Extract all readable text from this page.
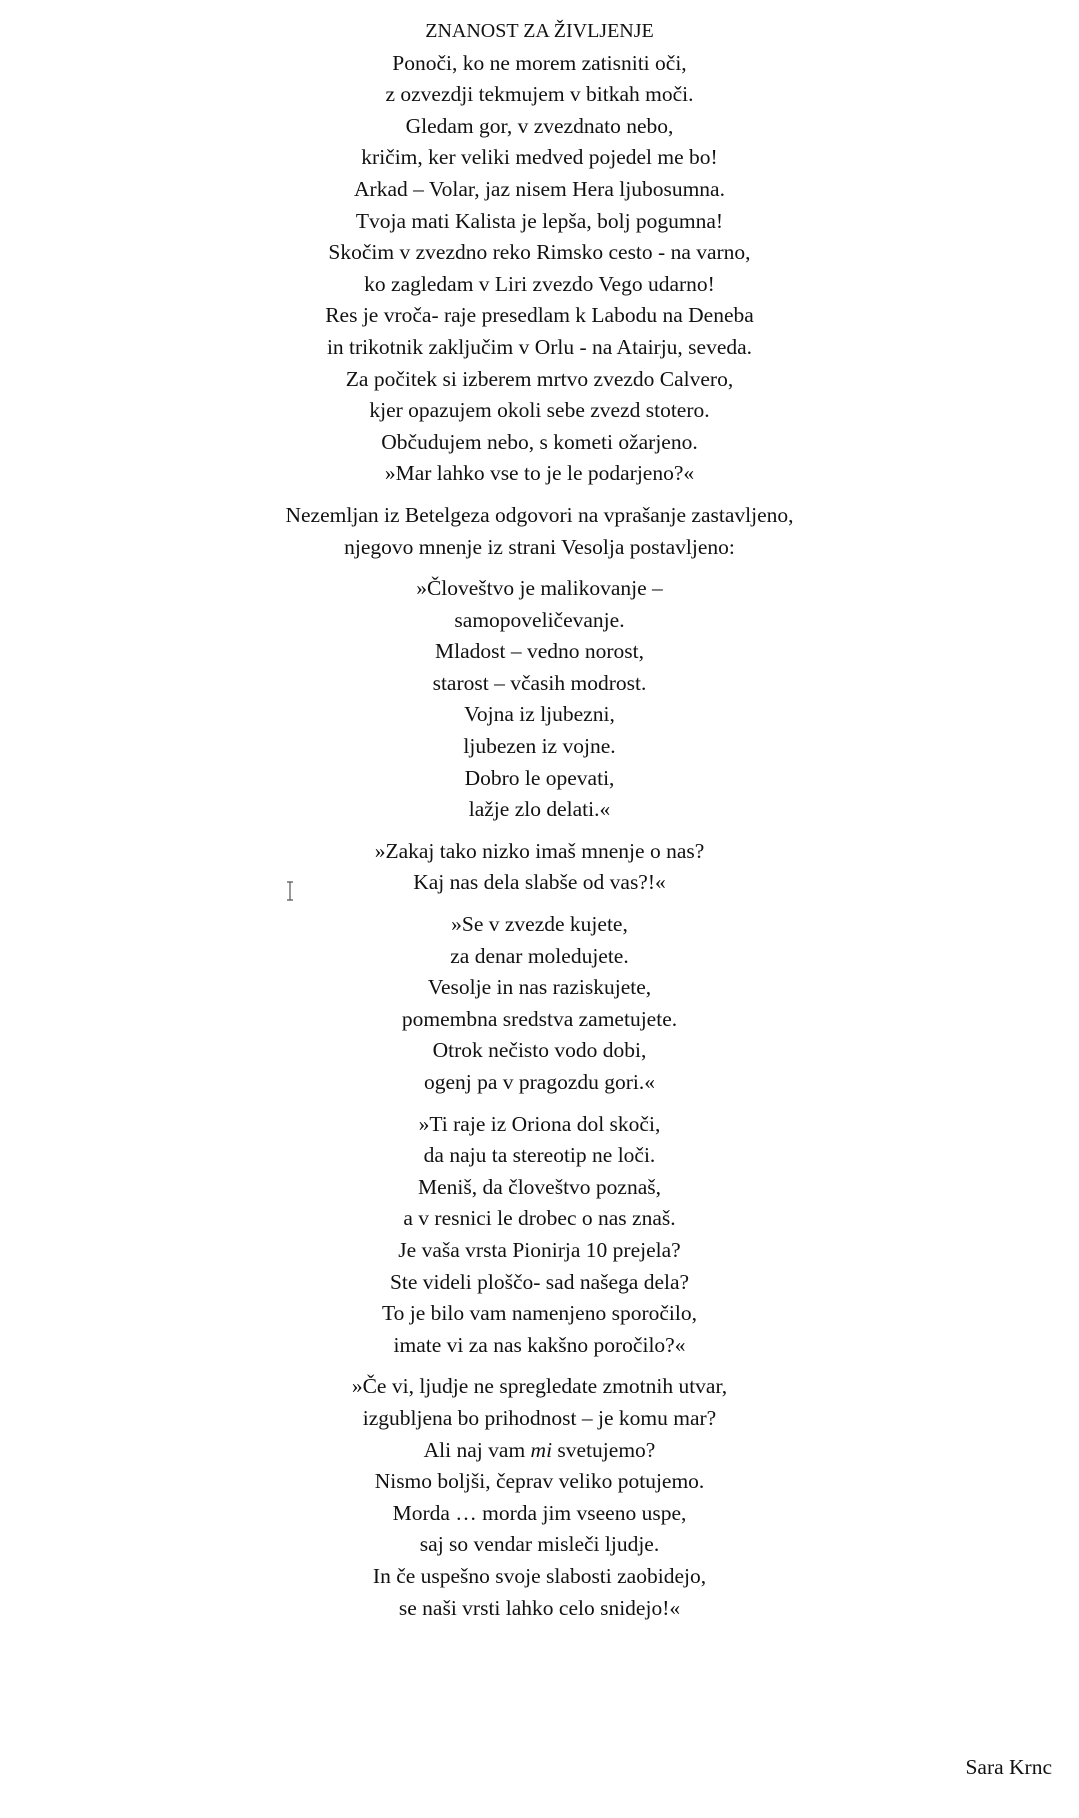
ZNANOST ZA ŽIVLJENJE
Ponoči, ko ne morem zatisniti oči,
z ozvezdji tekmujem v bitkah moči.
Gledam gor, v zvezdnato nebo,
kričim, ker veliki medved pojedel me bo!
Arkad – Volar, jaz nisem Hera ljubosumna.
Tvoja mati Kalista je lepša, bolj pogumna!
Skočim v zvezdno reko Rimsko cesto - na varno,
ko zagledam v Liri zvezdo Vego udarno!
Res je vroča- raje presedlam k Labodu na Deneba
in trikotnik zaključim v Orlu - na Atairju, seveda.
Za počitek si izberem mrtvo zvezdo Calvero,
kjer opazujem okoli sebe zvezd stotero.
Občudujem nebo, s kometi ožarjeno.
»Mar lahko vse to je le podarjeno?«
Nezemljan iz Betelgeza odgovori na vprašanje zastavljeno,
njegovo mnenje iz strani Vesolja postavljeno:
»Človeštvo je malikovanje –
samopoveličevanje.
Mladost – vedno norost,
starost – včasih modrost.
Vojna iz ljubezni,
ljubezen iz vojne.
Dobro le opevati,
lažje zlo delati.«
»Zakaj tako nizko imaš mnenje o nas?
Kaj nas dela slabše od vas?!«
»Se v zvezde kujete,
za denar moledujete.
Vesolje in nas raziskujete,
pomembna sredstva zametujete.
Otrok nečisto vodo dobi,
ogenj pa v pragozdu gori.«
»Ti raje iz Oriona dol skoči,
da naju ta stereotip ne loči.
Meniš, da človeštvo poznaš,
a v resnici le drobec o nas znaš.
Je vaša vrsta Pionirja 10 prejela?
Ste videli ploščo- sad našega dela?
To je bilo vam namenjeno sporočilo,
imate vi za nas kakšno poročilo?«
»Če vi, ljudje ne spregledate zmotnih utvar,
izgubljena bo prihodnost – je komu mar?
Ali naj vam mi svetujemo?
Nismo boljši, čeprav veliko potujemo.
Morda … morda jim vseeno uspe,
saj so vendar misleči ljudje.
In če uspešno svoje slabosti zaobidejo,
se naši vrsti lahko celo snidejo!«
Sara Krnc
